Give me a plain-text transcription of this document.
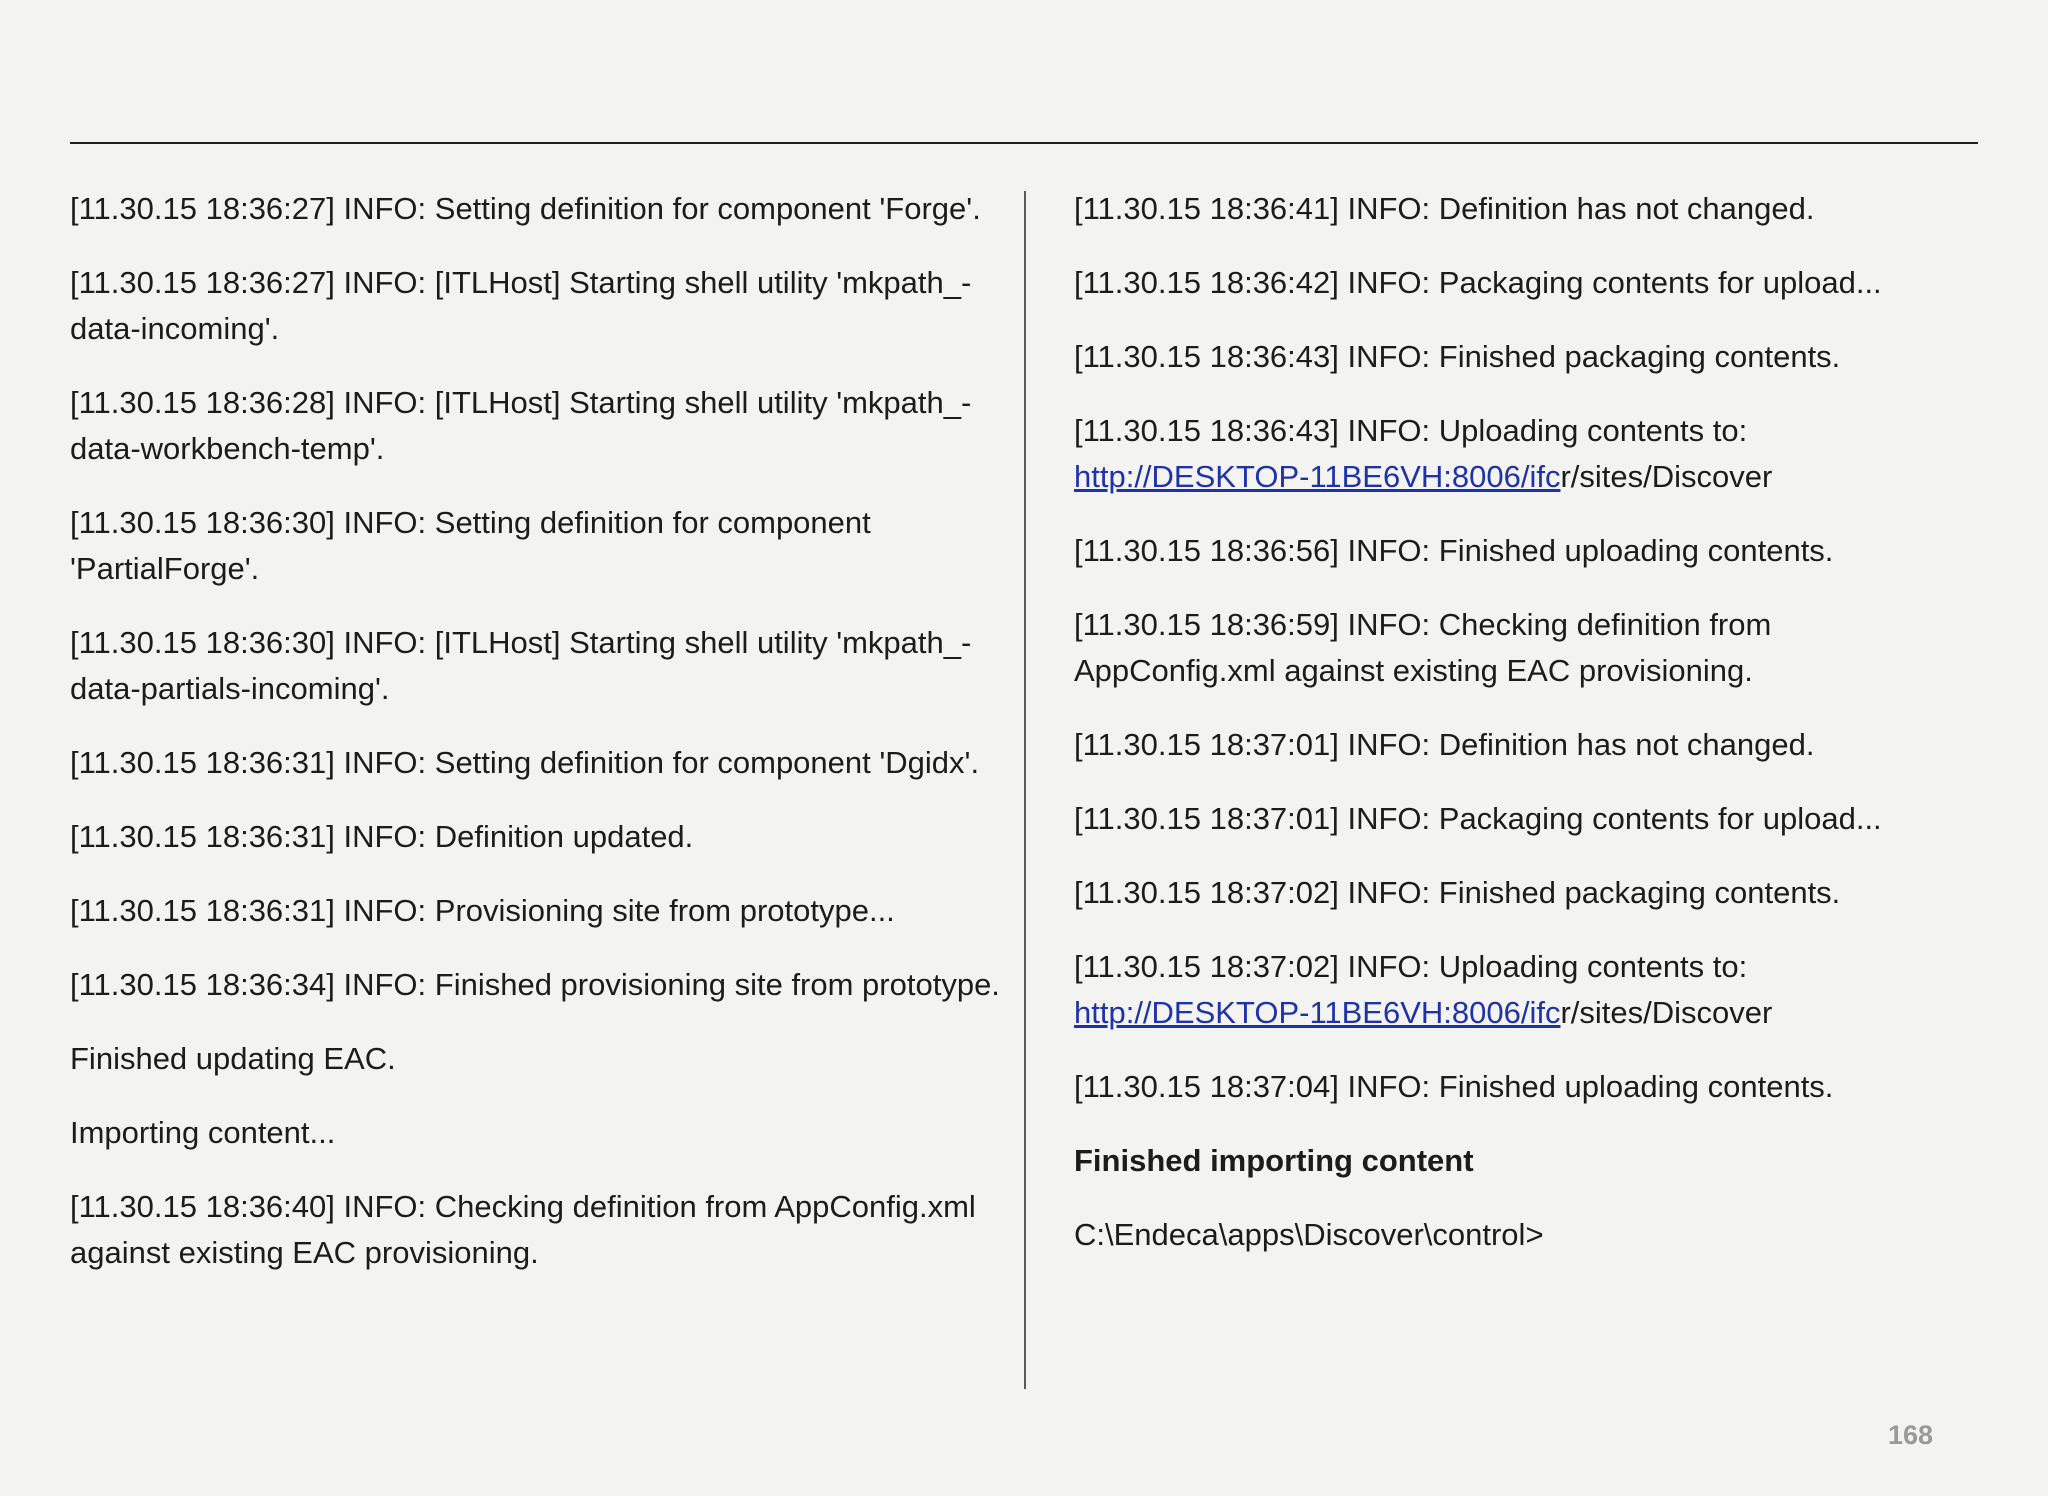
[11.30.15 18:36:27] INFO: Setting definition for component 'Forge'.

[11.30.15 18:36:27] INFO: [ITLHost] Starting shell utility 'mkpath_-data-incoming'.

[11.30.15 18:36:28] INFO: [ITLHost] Starting shell utility 'mkpath_-data-workbench-temp'.

[11.30.15 18:36:30] INFO: Setting definition for component 'PartialForge'.

[11.30.15 18:36:30] INFO: [ITLHost] Starting shell utility 'mkpath_-data-partials-incoming'.

[11.30.15 18:36:31] INFO: Setting definition for component 'Dgidx'.

[11.30.15 18:36:31] INFO: Definition updated.

[11.30.15 18:36:31] INFO: Provisioning site from prototype...

[11.30.15 18:36:34] INFO: Finished provisioning site from prototype.

Finished updating EAC.

Importing content...

[11.30.15 18:36:40] INFO: Checking definition from AppConfig.xml against existing EAC provisioning.

[11.30.15 18:36:41] INFO: Definition has not changed.

[11.30.15 18:36:42] INFO: Packaging contents for upload...

[11.30.15 18:36:43] INFO: Finished packaging contents.

[11.30.15 18:36:43] INFO: Uploading contents to: http://DESKTOP-11BE6VH:8006/ifcr/sites/Discover

[11.30.15 18:36:56] INFO: Finished uploading contents.

[11.30.15 18:36:59] INFO: Checking definition from AppConfig.xml against existing EAC provisioning.

[11.30.15 18:37:01] INFO: Definition has not changed.

[11.30.15 18:37:01] INFO: Packaging contents for upload...

[11.30.15 18:37:02] INFO: Finished packaging contents.

[11.30.15 18:37:02] INFO: Uploading contents to: http://DESKTOP-11BE6VH:8006/ifcr/sites/Discover

[11.30.15 18:37:04] INFO: Finished uploading contents.

Finished importing content

C:\Endeca\apps\Discover\control>

168
